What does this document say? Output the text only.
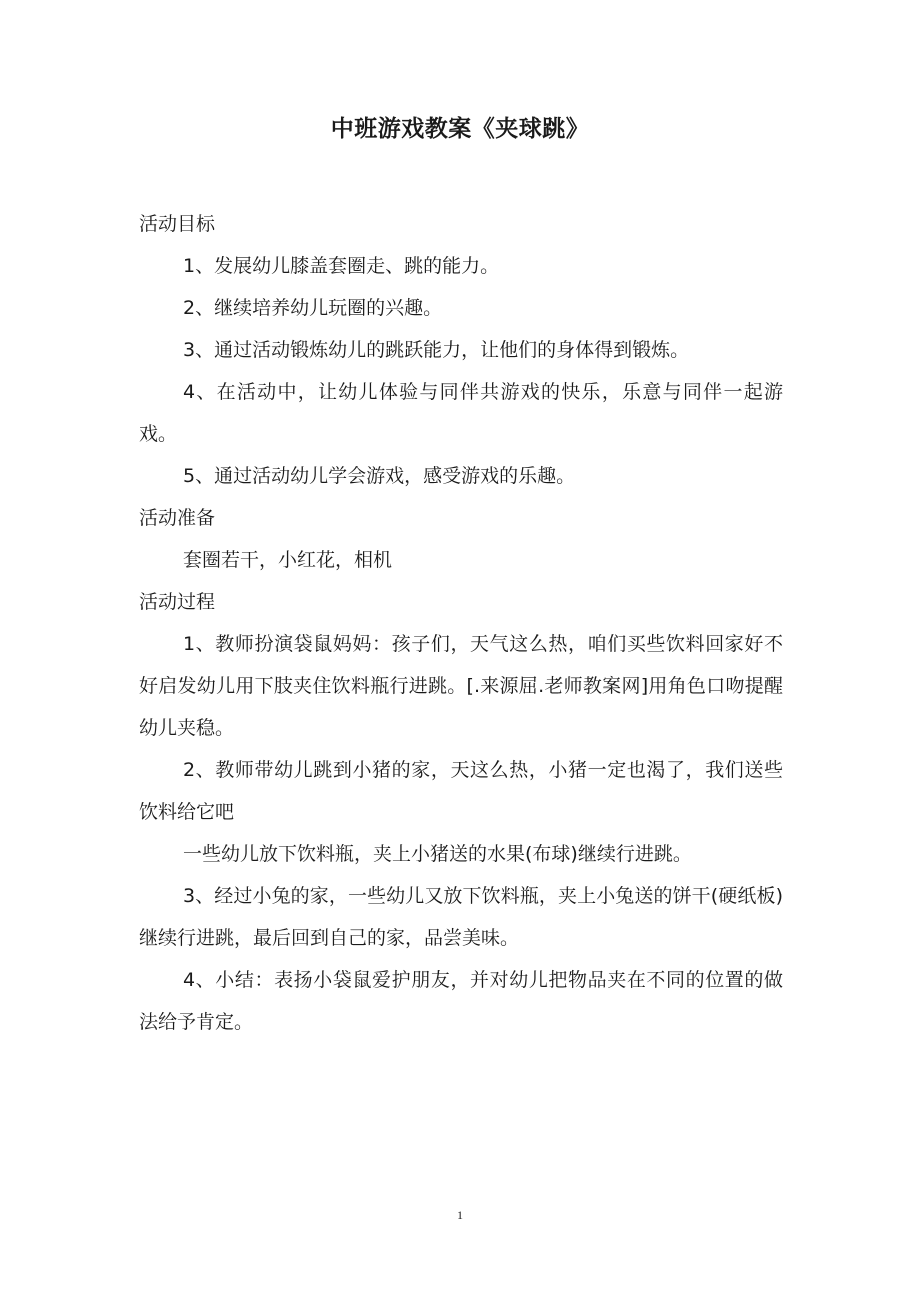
中班游戏教案《夹球跳》

活动目标

1、发展幼儿膝盖套圈走、跳的能力。

2、继续培养幼儿玩圈的兴趣。

3、通过活动锻炼幼儿的跳跃能力，让他们的身体得到锻炼。

4、在活动中，让幼儿体验与同伴共游戏的快乐，乐意与同伴一起游戏。

5、通过活动幼儿学会游戏，感受游戏的乐趣。

活动准备

套圈若干，小红花，相机

活动过程

1、教师扮演袋鼠妈妈：孩子们，天气这么热，咱们买些饮料回家好不好启发幼儿用下肢夹住饮料瓶行进跳。[.来源屈.老师教案网]用角色口吻提醒幼儿夹稳。

2、教师带幼儿跳到小猪的家，天这么热，小猪一定也渴了，我们送些饮料给它吧

一些幼儿放下饮料瓶，夹上小猪送的水果(布球)继续行进跳。

3、经过小兔的家，一些幼儿又放下饮料瓶，夹上小兔送的饼干(硬纸板)继续行进跳，最后回到自己的家，品尝美味。

4、小结：表扬小袋鼠爱护朋友，并对幼儿把物品夹在不同的位置的做法给予肯定。

1
